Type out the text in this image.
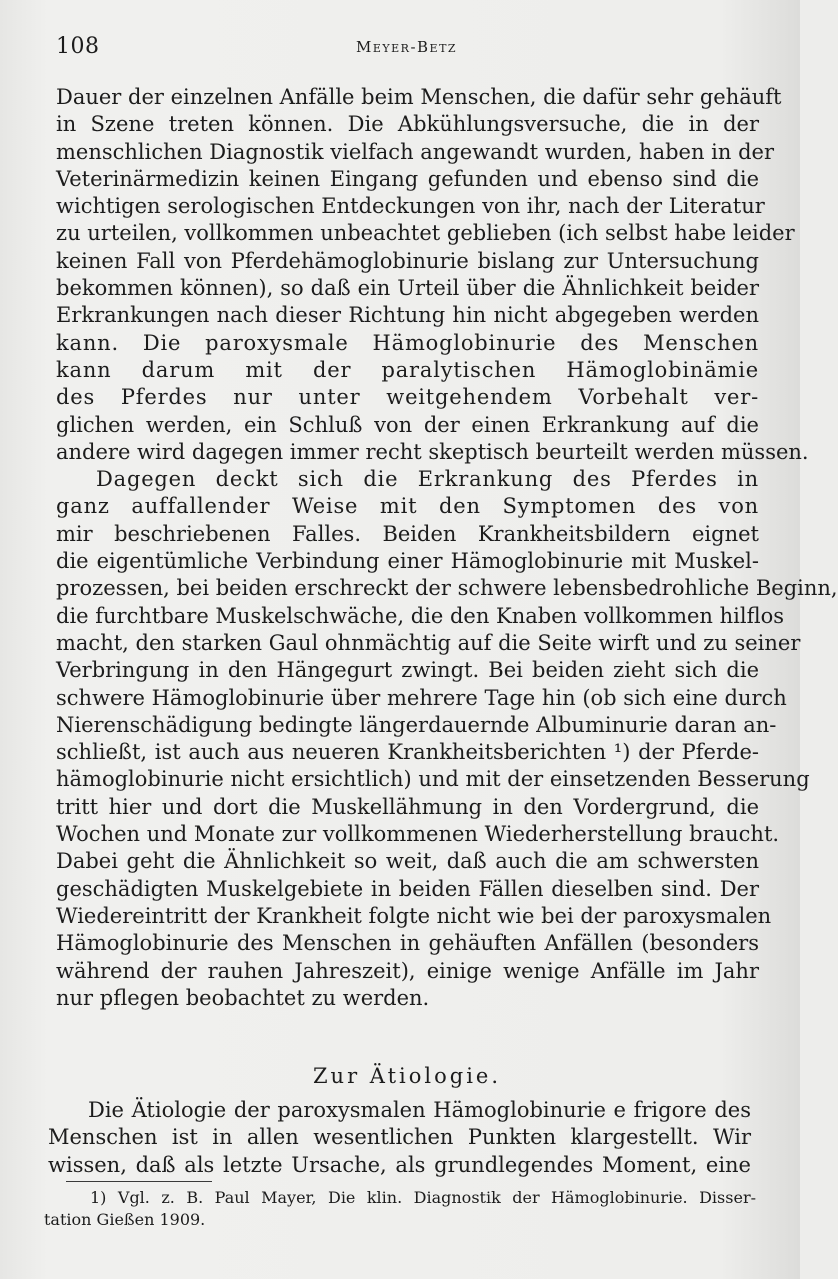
108	Meyer-Betz
Dauer der einzelnen Anfälle beim Menschen, die dafür sehr gehäuft
in Szene treten können. Die Abkühlungsversuche, die in der
menschlichen Diagnostik vielfach angewandt wurden, haben in der
Veterinärmedizin keinen Eingang gefunden und ebenso sind die
wichtigen serologischen Entdeckungen von ihr, nach der Literatur
zu urteilen, vollkommen unbeachtet geblieben (ich selbst habe leider
keinen Fall von Pferdehämoglobinurie bislang zur Untersuchung
bekommen können), so daß ein Urteil über die Ähnlichkeit beider
Erkrankungen nach dieser Richtung hin nicht abgegeben werden
kann. Die paroxysmale Hämoglobinurie des Menschen
kann darum mit der paralytischen Hämoglobinämie
des Pferdes nur unter weitgehendem Vorbehalt ver-
glichen werden, ein Schluß von der einen Erkrankung auf die
andere wird dagegen immer recht skeptisch beurteilt werden müssen.
Dagegen deckt sich die Erkrankung des Pferdes in
ganz auffallender Weise mit den Symptomen des von
mir beschriebenen Falles. Beiden Krankheitsbildern eignet
die eigentümliche Verbindung einer Hämoglobinurie mit Muskel-
prozessen, bei beiden erschreckt der schwere lebensbedrohliche Beginn,
die furchtbare Muskelschwäche, die den Knaben vollkommen hilflos
macht, den starken Gaul ohnmächtig auf die Seite wirft und zu seiner
Verbringung in den Hängegurt zwingt. Bei beiden zieht sich die
schwere Hämoglobinurie über mehrere Tage hin (ob sich eine durch
Nierenschädigung bedingte längerdauernde Albuminurie daran an-
schließt, ist auch aus neueren Krankheitsberichten ¹) der Pferde-
hämoglobinurie nicht ersichtlich) und mit der einsetzenden Besserung
tritt hier und dort die Muskellähmung in den Vordergrund, die
Wochen und Monate zur vollkommenen Wiederherstellung braucht.
Dabei geht die Ähnlichkeit so weit, daß auch die am schwersten
geschädigten Muskelgebiete in beiden Fällen dieselben sind. Der
Wiedereintritt der Krankheit folgte nicht wie bei der paroxysmalen
Hämoglobinurie des Menschen in gehäuften Anfällen (besonders
während der rauhen Jahreszeit), einige wenige Anfälle im Jahr
nur pflegen beobachtet zu werden.
Zur Ätiologie.
Die Ätiologie der paroxysmalen Hämoglobinurie e frigore des
Menschen ist in allen wesentlichen Punkten klargestellt. Wir
wissen, daß als letzte Ursache, als grundlegendes Moment, eine
1) Vgl. z. B. Paul Mayer, Die klin. Diagnostik der Hämoglobinurie. Disser-
tation Gießen 1909.
